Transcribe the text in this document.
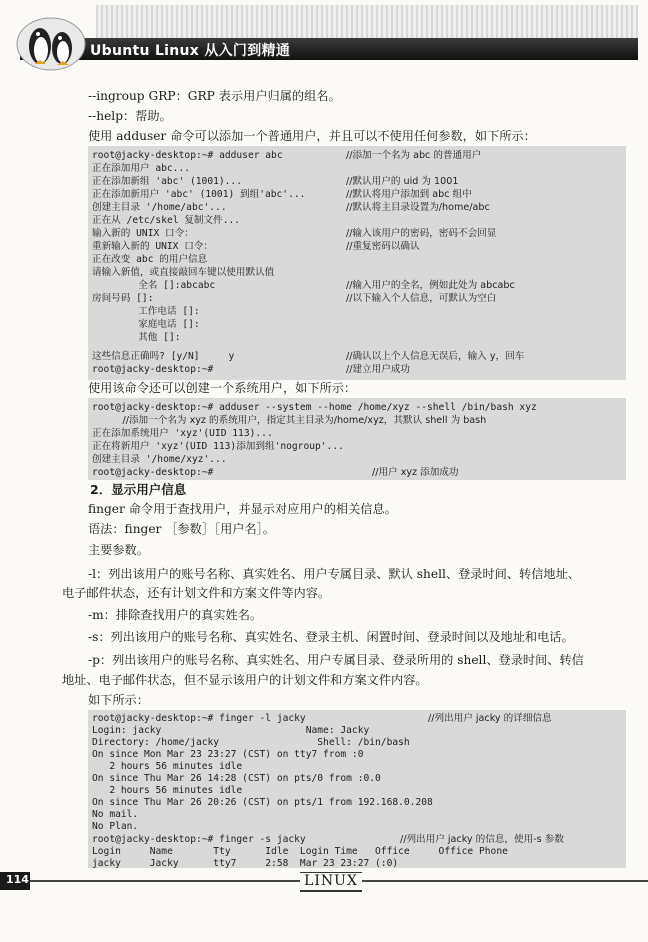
Ubuntu Linux 从入门到精通
--ingroup GRP：GRP 表示用户归属的组名。
--help：帮助。
使用 adduser 命令可以添加一个普通用户，并且可以不使用任何参数，如下所示：
root@jacky-desktop:~# adduser abc
正在添加用户 abc...
正在添加新组 'abc' (1001)...
正在添加新用户 'abc' (1001) 到组'abc'...
创建主目录 '/home/abc'...
正在从 /etc/skel 复制文件...
输入新的 UNIX 口令：
重新输入新的 UNIX 口令：
正在改变 abc 的用户信息
请输入新值，或直接敲回车键以使用默认值
全名 []:abcabc
房间号码 []:
工作电话 []:
家庭电话 []:
其他 []:
这些信息正确吗? [y/N]     y
root@jacky-desktop:~#
//添加一个名为 abc 的普通用户
//默认用户的 uid 为 1001
//默认将用户添加到 abc 组中
//默认将主目录设置为/home/abc
//输入该用户的密码，密码不会回显
//重复密码以确认
//输入用户的全名，例如此处为 abcabc
//以下输入个人信息，可默认为空白
//确认以上个人信息无误后，输入 y，回车
//建立用户成功
使用该命令还可以创建一个系统用户，如下所示：
root@jacky-desktop:~# adduser --system --home /home/xyz --shell /bin/bash xyz
//添加一个名为 xyz 的系统用户，指定其主目录为/home/xyz，其默认 shell 为 bash
正在添加系统用户 'xyz'(UID 113)...
正在将新用户 'xyz'(UID 113)添加到组'nogroup'...
创建主目录 '/home/xyz'...
root@jacky-desktop:~#	//用户 xyz 添加成功
2．显示用户信息
finger 命令用于查找用户，并显示对应用户的相关信息。
语法：finger ［参数］［用户名］。
主要参数。
-l：列出该用户的账号名称、真实姓名、用户专属目录、默认 shell、登录时间、转信地址、
电子邮件状态，还有计划文件和方案文件等内容。
-m：排除查找用户的真实姓名。
-s：列出该用户的账号名称、真实姓名、登录主机、闲置时间、登录时间以及地址和电话。
-p：列出该用户的账号名称、真实姓名、用户专属目录、登录所用的 shell、登录时间、转信
地址、电子邮件状态，但不显示该用户的计划文件和方案文件内容。
如下所示：
root@jacky-desktop:~# finger -l jacky
Login: jacky                         Name: Jacky
Directory: /home/jacky                 Shell: /bin/bash
On since Mon Mar 23 23:27 (CST) on tty7 from :0
2 hours 56 minutes idle
On since Thu Mar 26 14:28 (CST) on pts/0 from :0.0
2 hours 56 minutes idle
On since Thu Mar 26 20:26 (CST) on pts/1 from 192.168.0.208
No mail.
No Plan.
root@jacky-desktop:~# finger -s jacky
Login     Name       Tty      Idle  Login Time   Office     Office Phone
jacky     Jacky      tty7     2:58  Mar 23 23:27 (:0)
//列出用户 jacky 的详细信息
//列出用户 jacky 的信息，使用-s 参数
114	LINUX
